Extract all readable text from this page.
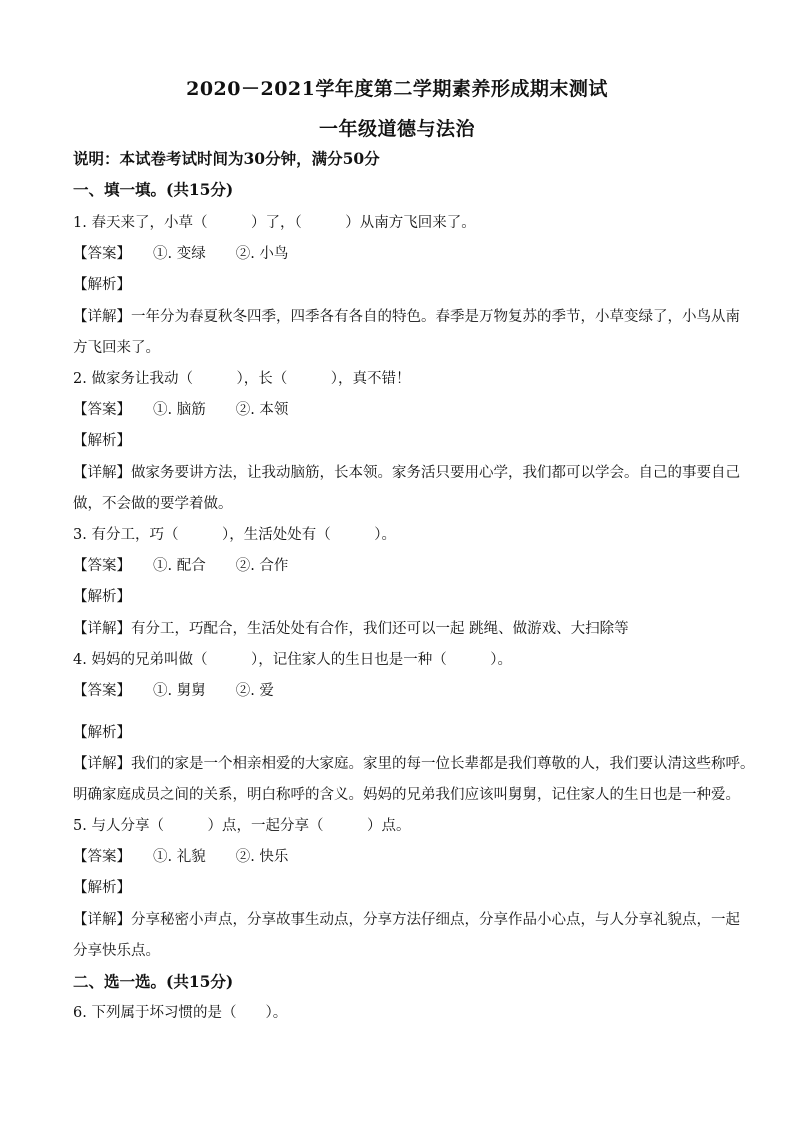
2020－2021学年度第二学期素养形成期末测试
一年级道德与法治
说明：本试卷考试时间为30分钟，满分50分
一、填一填。(共15分)
1. 春天来了，小草（　　　）了，（　　　）从南方飞回来了。
【答案】 ①. 变绿 ②. 小鸟
【解析】
【详解】一年分为春夏秋冬四季，四季各有各自的特色。春季是万物复苏的季节，小草变绿了，小鸟从南
方飞回来了。
2. 做家务让我动（　　　），长（　　　），真不错！
【答案】 ①. 脑筋 ②. 本领
【解析】
【详解】做家务要讲方法，让我动脑筋，长本领。家务活只要用心学，我们都可以学会。自己的事要自己
做，不会做的要学着做。
3. 有分工，巧（　　　），生活处处有（　　　）。
【答案】 ①. 配合 ②. 合作
【解析】
【详解】有分工，巧配合，生活处处有合作，我们还可以一起 跳绳、做游戏、大扫除等
4. 妈妈的兄弟叫做（　　　），记住家人的生日也是一种（　　　）。
【答案】 ①. 舅舅 ②. 爱
【解析】
【详解】我们的家是一个相亲相爱的大家庭。家里的每一位长辈都是我们尊敬的人，我们要认清这些称呼。
明确家庭成员之间的关系，明白称呼的含义。妈妈的兄弟我们应该叫舅舅，记住家人的生日也是一种爱。
5. 与人分享（　　　）点，一起分享（　　　）点。
【答案】 ①. 礼貌 ②. 快乐
【解析】
【详解】分享秘密小声点，分享故事生动点，分享方法仔细点，分享作品小心点，与人分享礼貌点，一起
分享快乐点。
二、选一选。(共15分)
6. 下列属于坏习惯的是（　　）。
